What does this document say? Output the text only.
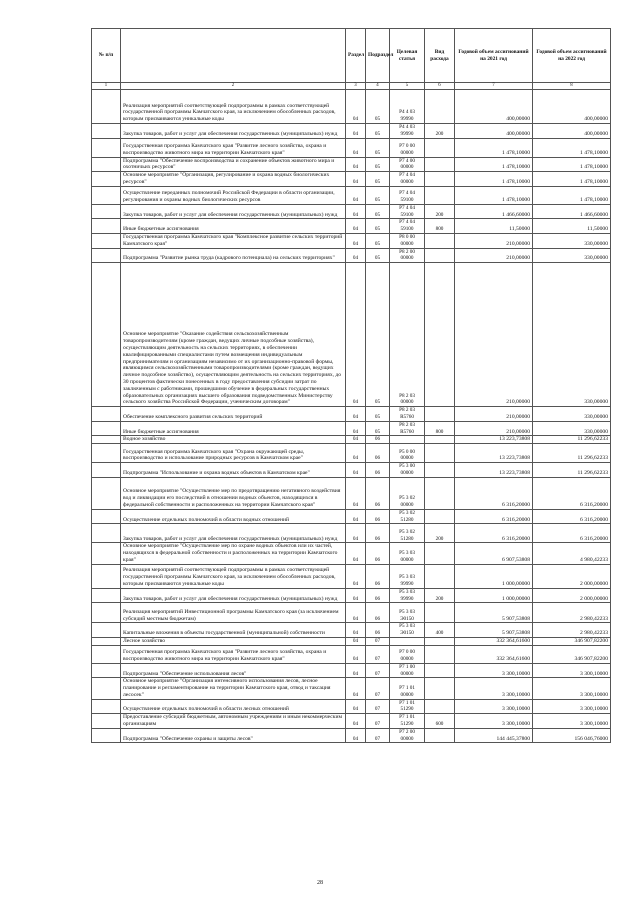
№ п/п		Раздел	Подраздел	Целевая статья	Вид расхода	Годовой объем ассигнований на 2021 год	Годовой объем ассигнований на 2022 год
1	2	3	4	5	6	7	8
	Реализация мероприятий соответствующей подпрограммы в рамках соответствующей государственной программы Камчатского края, за исключением обособленных расходов, которым присваиваются уникальные коды	04	05	Р4 4 03 99990		400,00000	400,00000
	Закупка товаров, работ и услуг для обеспечения государственных (муниципальных) нужд	04	05	Р4 4 03 99990	200	400,00000	400,00000
	Государственная программа Камчатского края "Развитие лесного хозяйства, охрана и воспроизводство животного мира на территории Камчатского края"	04	05	Р7 0 00 00000		1 478,10000	1 478,10000
	Подпрограмма "Обеспечение воспроизводства и сохранение объектов животного мира и охотничьих ресурсов"	04	05	Р7 4 00 00000		1 478,10000	1 478,10000
	Основное мероприятие "Организация, регулирование и охрана водных биологических ресурсов"	04	05	Р7 4 04 00000		1 478,10000	1 478,10000
	Осуществление переданных полномочий Российской Федерации в области организации, регулирования и охраны водных биологических ресурсов	04	05	Р7 4 04 59100		1 478,10000	1 478,10000
	Закупка товаров, работ и услуг для обеспечения государственных (муниципальных) нужд	04	05	Р7 4 04 59100	200	1 466,60000	1 466,60000
	Иные бюджетные ассигнования	04	05	Р7 4 04 59100	800	11,50000	11,50000
	Государственная программа Камчатского края "Комплексное развитие сельских территорий Камчатского края"	04	05	Р8 0 00 00000		210,00000	330,00000
	Подпрограмма "Развитие рынка труда (кадрового потенциала) на сельских территориях"	04	05	Р8 2 00 00000		210,00000	330,00000
	Основное мероприятие "Оказание содействия сельскохозяйственным товаропроизводителям (кроме граждан, ведущих личные подсобные хозяйства), осуществляющим деятельность на сельских территориях, в обеспечении квалифицированными специалистами путем возмещения индивидуальным предпринимателям и организациям независимо от их организационно-правовой формы, являющимся сельскохозяйственными товаропроизводителями (кроме граждан, ведущих личное подсобное хозяйство), осуществляющим деятельность на сельских территориях, до 30 процентов фактически понесенных в году предоставления субсидии затрат по заключенным с работниками, прошедшими обучение в федеральных государственных образовательных организациях высшего образования подведомственных Министерству сельского хозяйства Российской Федерации, ученическим договорам"	04	05	Р8 2 03 00000		210,00000	330,00000
	Обеспечение комплексного развития сельских территорий	04	05	Р8 2 03 R5760		210,00000	330,00000
	Иные бюджетные ассигнования	04	05	Р8 2 03 R5760	800	210,00000	330,00000
	Водное хозяйство	04	06			13 223,73808	11 296,62233
	Государственная программа Камчатского края "Охрана окружающей среды, воспроизводство и использование природных ресурсов в Камчатском крае"	04	06	Р5 0 00 00000		13 223,73808	11 296,62233
	Подпрограмма "Использование и охрана водных объектов в Камчатском крае"	04	06	Р5 3 00 00000		13 223,73808	11 296,62233
	Основное мероприятие "Осуществление мер по предотвращению негативного воздействия вод и ликвидации его последствий в отношении водных объектов, находящихся в федеральной собственности и расположенных на территории Камчатского края"	04	06	Р5 3 02 00000		6 316,20000	6 316,20000
	Осуществление отдельных полномочий в области водных отношений	04	06	Р5 3 02 51280		6 316,20000	6 316,20000
	Закупка товаров, работ и услуг для обеспечения государственных (муниципальных) нужд	04	06	Р5 3 02 51280	200	6 316,20000	6 316,20000
	Основное мероприятие "Осуществление мер по охране водных объектов или их частей, находящихся в федеральной собственности и расположенных на территории Камчатского края"	04	06	Р5 3 03 00000		6 907,53808	4 980,42233
	Реализация мероприятий соответствующей подпрограммы в рамках соответствующей государственной программы Камчатского края, за исключением обособленных расходов, которым присваиваются уникальные коды	04	06	Р5 3 03 99990		1 000,00000	2 000,00000
	Закупка товаров, работ и услуг для обеспечения государственных (муниципальных) нужд	04	06	Р5 3 03 99990	200	1 000,00000	2 000,00000
	Реализация мероприятий Инвестиционной программы Камчатского края (за исключением субсидий местным бюджетам)	04	06	Р5 3 03 Э0150		5 907,53808	2 980,42233
	Капитальные вложения в объекты государственной (муниципальной) собственности	04	06	Р5 3 03 Э0150	400	5 907,53808	2 980,42233
	Лесное хозяйство	04	07			332 364,61600	346 907,82200
	Государственная программа Камчатского края "Развитие лесного хозяйства, охрана и воспроизводство животного мира на территории Камчатского края"	04	07	Р7 0 00 00000		332 364,61600	346 907,82200
	Подпрограмма "Обеспечение использования лесов"	04	07	Р7 1 00 00000		3 300,10000	3 300,10000
	Основное мероприятие "Организация интенсивного использования лесов, лесное планирование и регламентирование на территории Камчатского края, отвод и таксация лесосек"	04	07	Р7 1 01 00000		3 300,10000	3 300,10000
	Осуществление отдельных полномочий в области лесных отношений	04	07	Р7 1 01 51290		3 300,10000	3 300,10000
	Предоставление субсидий бюджетным, автономным учреждениям и иным некоммерческим организациям	04	07	Р7 1 01 51290	600	3 300,10000	3 300,10000
	Подпрограмма "Обеспечение охраны и защиты лесов"	04	07	Р7 2 00 00000		144 445,37800	156 046,76000
28
